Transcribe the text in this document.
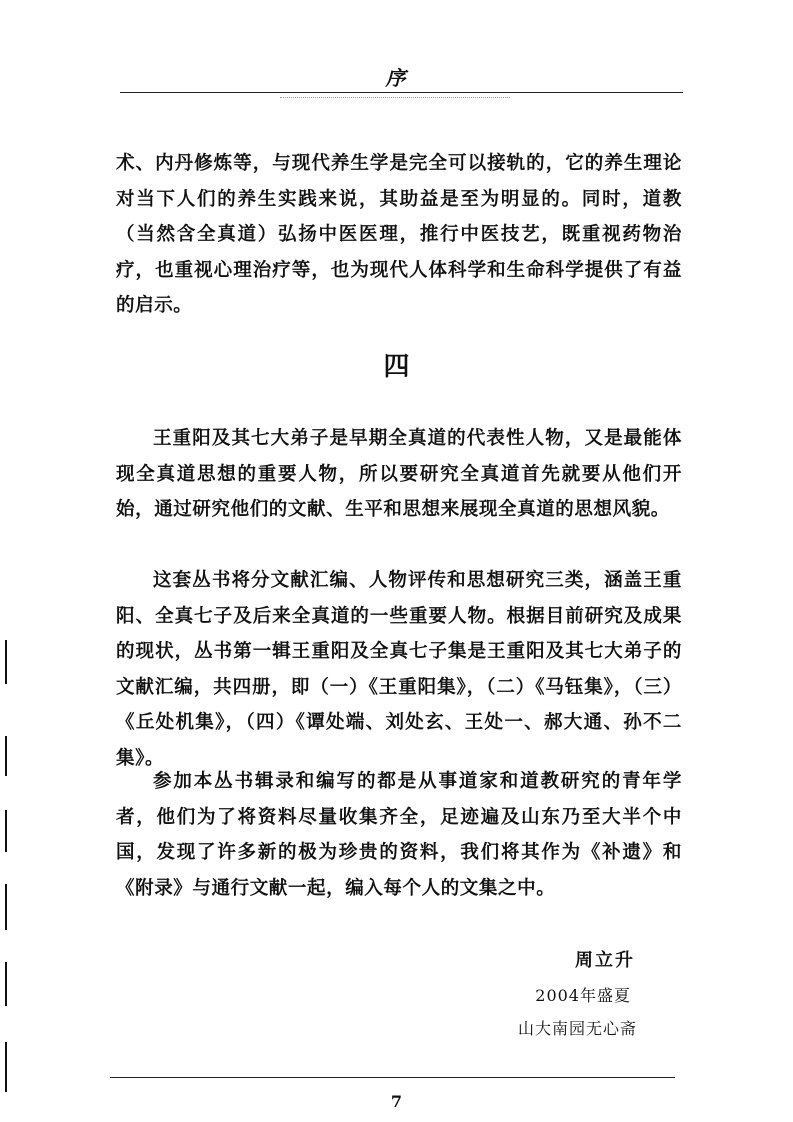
序

术、内丹修炼等，与现代养生学是完全可以接轨的，它的养生理论对当下人们的养生实践来说，其助益是至为明显的。同时，道教（当然含全真道）弘扬中医医理，推行中医技艺，既重视药物治疗，也重视心理治疗等，也为现代人体科学和生命科学提供了有益的启示。

四

王重阳及其七大弟子是早期全真道的代表性人物，又是最能体现全真道思想的重要人物，所以要研究全真道首先就要从他们开始，通过研究他们的文献、生平和思想来展现全真道的思想风貌。

这套丛书将分文献汇编、人物评传和思想研究三类，涵盖王重阳、全真七子及后来全真道的一些重要人物。根据目前研究及成果的现状，丛书第一辑王重阳及全真七子集是王重阳及其七大弟子的文献汇编，共四册，即（一）《王重阳集》，（二）《马钰集》，（三）《丘处机集》，（四）《谭处端、刘处玄、王处一、郝大通、孙不二集》。

参加本丛书辑录和编写的都是从事道家和道教研究的青年学者，他们为了将资料尽量收集齐全，足迹遍及山东乃至大半个中国，发现了许多新的极为珍贵的资料，我们将其作为《补遗》和《附录》与通行文献一起，编入每个人的文集之中。

周立升
2004年盛夏
山大南园无心斋
7
